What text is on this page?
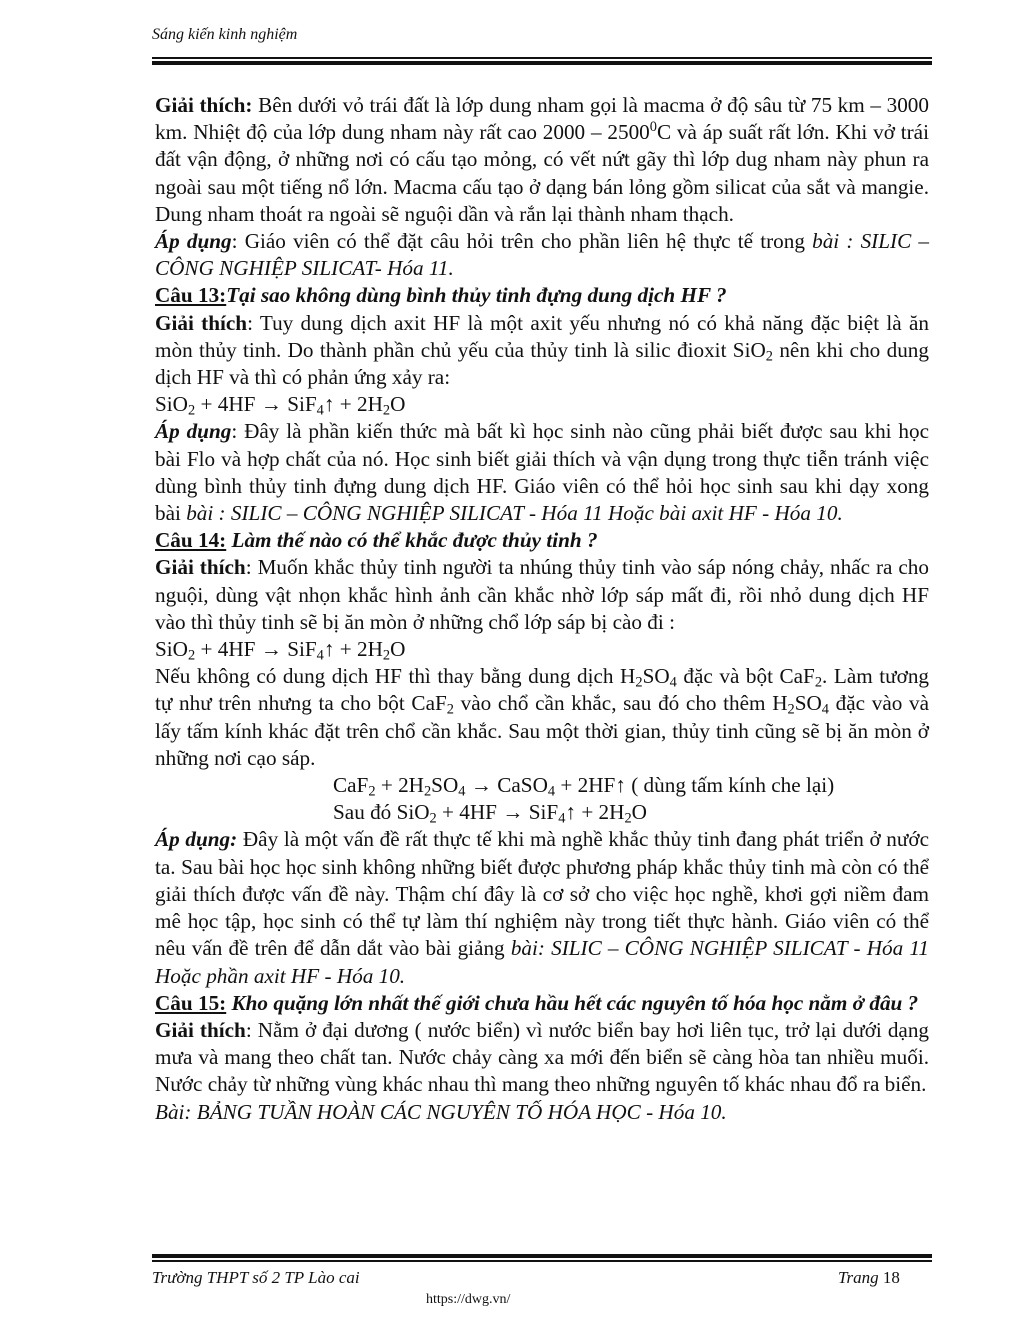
Sáng kiến kinh nghiệm

Giải thích: Bên dưới vỏ trái đất là lớp dung nham gọi là macma ở độ sâu từ 75 km – 3000 km. Nhiệt độ của lớp dung nham này rất cao 2000 – 2500$^0$C và áp suất rất lớn. Khi vở trái đất vận động, ở những nơi có cấu tạo mỏng, có vết nứt gãy thì lớp dug nham này phun ra ngoài sau một tiếng nổ lớn. Macma cấu tạo ở dạng bán lỏng gồm silicat của sắt và mangie. Dung nham thoát ra ngoài sẽ nguội dần và rắn lại thành nham thạch.

Áp dụng: Giáo viên có thể đặt câu hỏi trên cho phần liên hệ thực tế trong bài : SILIC – CÔNG NGHIỆP SILICAT- Hóa 11.

Câu 13:Tại sao không dùng bình thủy tinh đựng dung dịch HF ?

Giải thích: Tuy dung dịch axit HF là một axit yếu nhưng nó có khả năng đặc biệt là ăn mòn thủy tinh. Do thành phần chủ yếu của thủy tinh là silic đioxit SiO$_2$ nên khi cho dung dịch HF và thì có phản ứng xảy ra:

SiO$_2$ + 4HF → SiF$_4$↑ + $2H_2O$

Áp dụng: Đây là phần kiến thức mà bất kì học sinh nào cũng phải biết được sau khi học bài Flo và hợp chất của nó. Học sinh biết giải thích và vận dụng trong thực tiễn tránh việc dùng bình thủy tinh đựng dung dịch HF. Giáo viên có thể hỏi học sinh sau khi dạy xong bài bài : SILIC – CÔNG NGHIỆP SILICAT - Hóa 11 Hoặc bài axit HF - Hóa 10.

Câu 14: Làm thế nào có thể khắc được thủy tinh ?

Giải thích: Muốn khắc thủy tinh người ta nhúng thủy tinh vào sáp nóng chảy, nhấc ra cho nguội, dùng vật nhọn khắc hình ảnh cần khắc nhờ lớp sáp mất đi, rồi nhỏ dung dịch HF vào thì thủy tinh sẽ bị ăn mòn ở những chổ lớp sáp bị cào đi :

SiO$_2$ + 4HF → SiF$_4$↑ + $2H_2O$

Nếu không có dung dịch HF thì thay bằng dung dịch $H_2SO_4$ đặc và bột CaF$_2$. Làm tương tự như trên nhưng ta cho bột CaF$_2$ vào chổ cần khắc, sau đó cho thêm $H_2SO_4$ đặc vào và lấy tấm kính khác đặt trên chổ cần khắc. Sau một thời gian, thủy tinh cũng sẽ bị ăn mòn ở những nơi cạo sáp.

$CaF_2 + 2H_2SO_4$ → CaSO$_4$ + 2HF↑ ( dùng tấm kính che lại)

Sau đó SiO$_2$ + 4HF → SiF$_4$↑ + $2H_2O$

Áp dụng: Đây là một vấn đề rất thực tế khi mà nghề khắc thủy tinh đang phát triển ở nước ta. Sau bài học học sinh không những biết được phương pháp khắc thủy tinh mà còn có thể giải thích được vấn đề này. Thậm chí đây là cơ sở cho việc học nghề, khơi gợi niềm đam mê học tập, học sinh có thể tự làm thí nghiệm này trong tiết thực hành. Giáo viên có thể nêu vấn đề trên để dẫn dắt vào bài giảng bài: SILIC – CÔNG NGHIỆP SILICAT - Hóa 11 Hoặc phần axit HF - Hóa 10.

Câu 15: Kho quặng lớn nhất thế giới chưa hầu hết các nguyên tố hóa học nằm ở đâu ?

Giải thích: Nằm ở đại dương ( nước biển) vì nước biển bay hơi liên tục, trở lại dưới dạng mưa và mang theo chất tan. Nước chảy càng xa mới đến biển sẽ càng hòa tan nhiều muối. Nước chảy từ những vùng khác nhau thì mang theo những nguyên tố khác nhau đổ ra biển.

Bài: BẢNG TUẦN HOÀN CÁC NGUYÊN TỐ HÓA HỌC - Hóa 10.

Trường THPT số 2 TP Lào cai	Trang 18
https://dwg.vn/
